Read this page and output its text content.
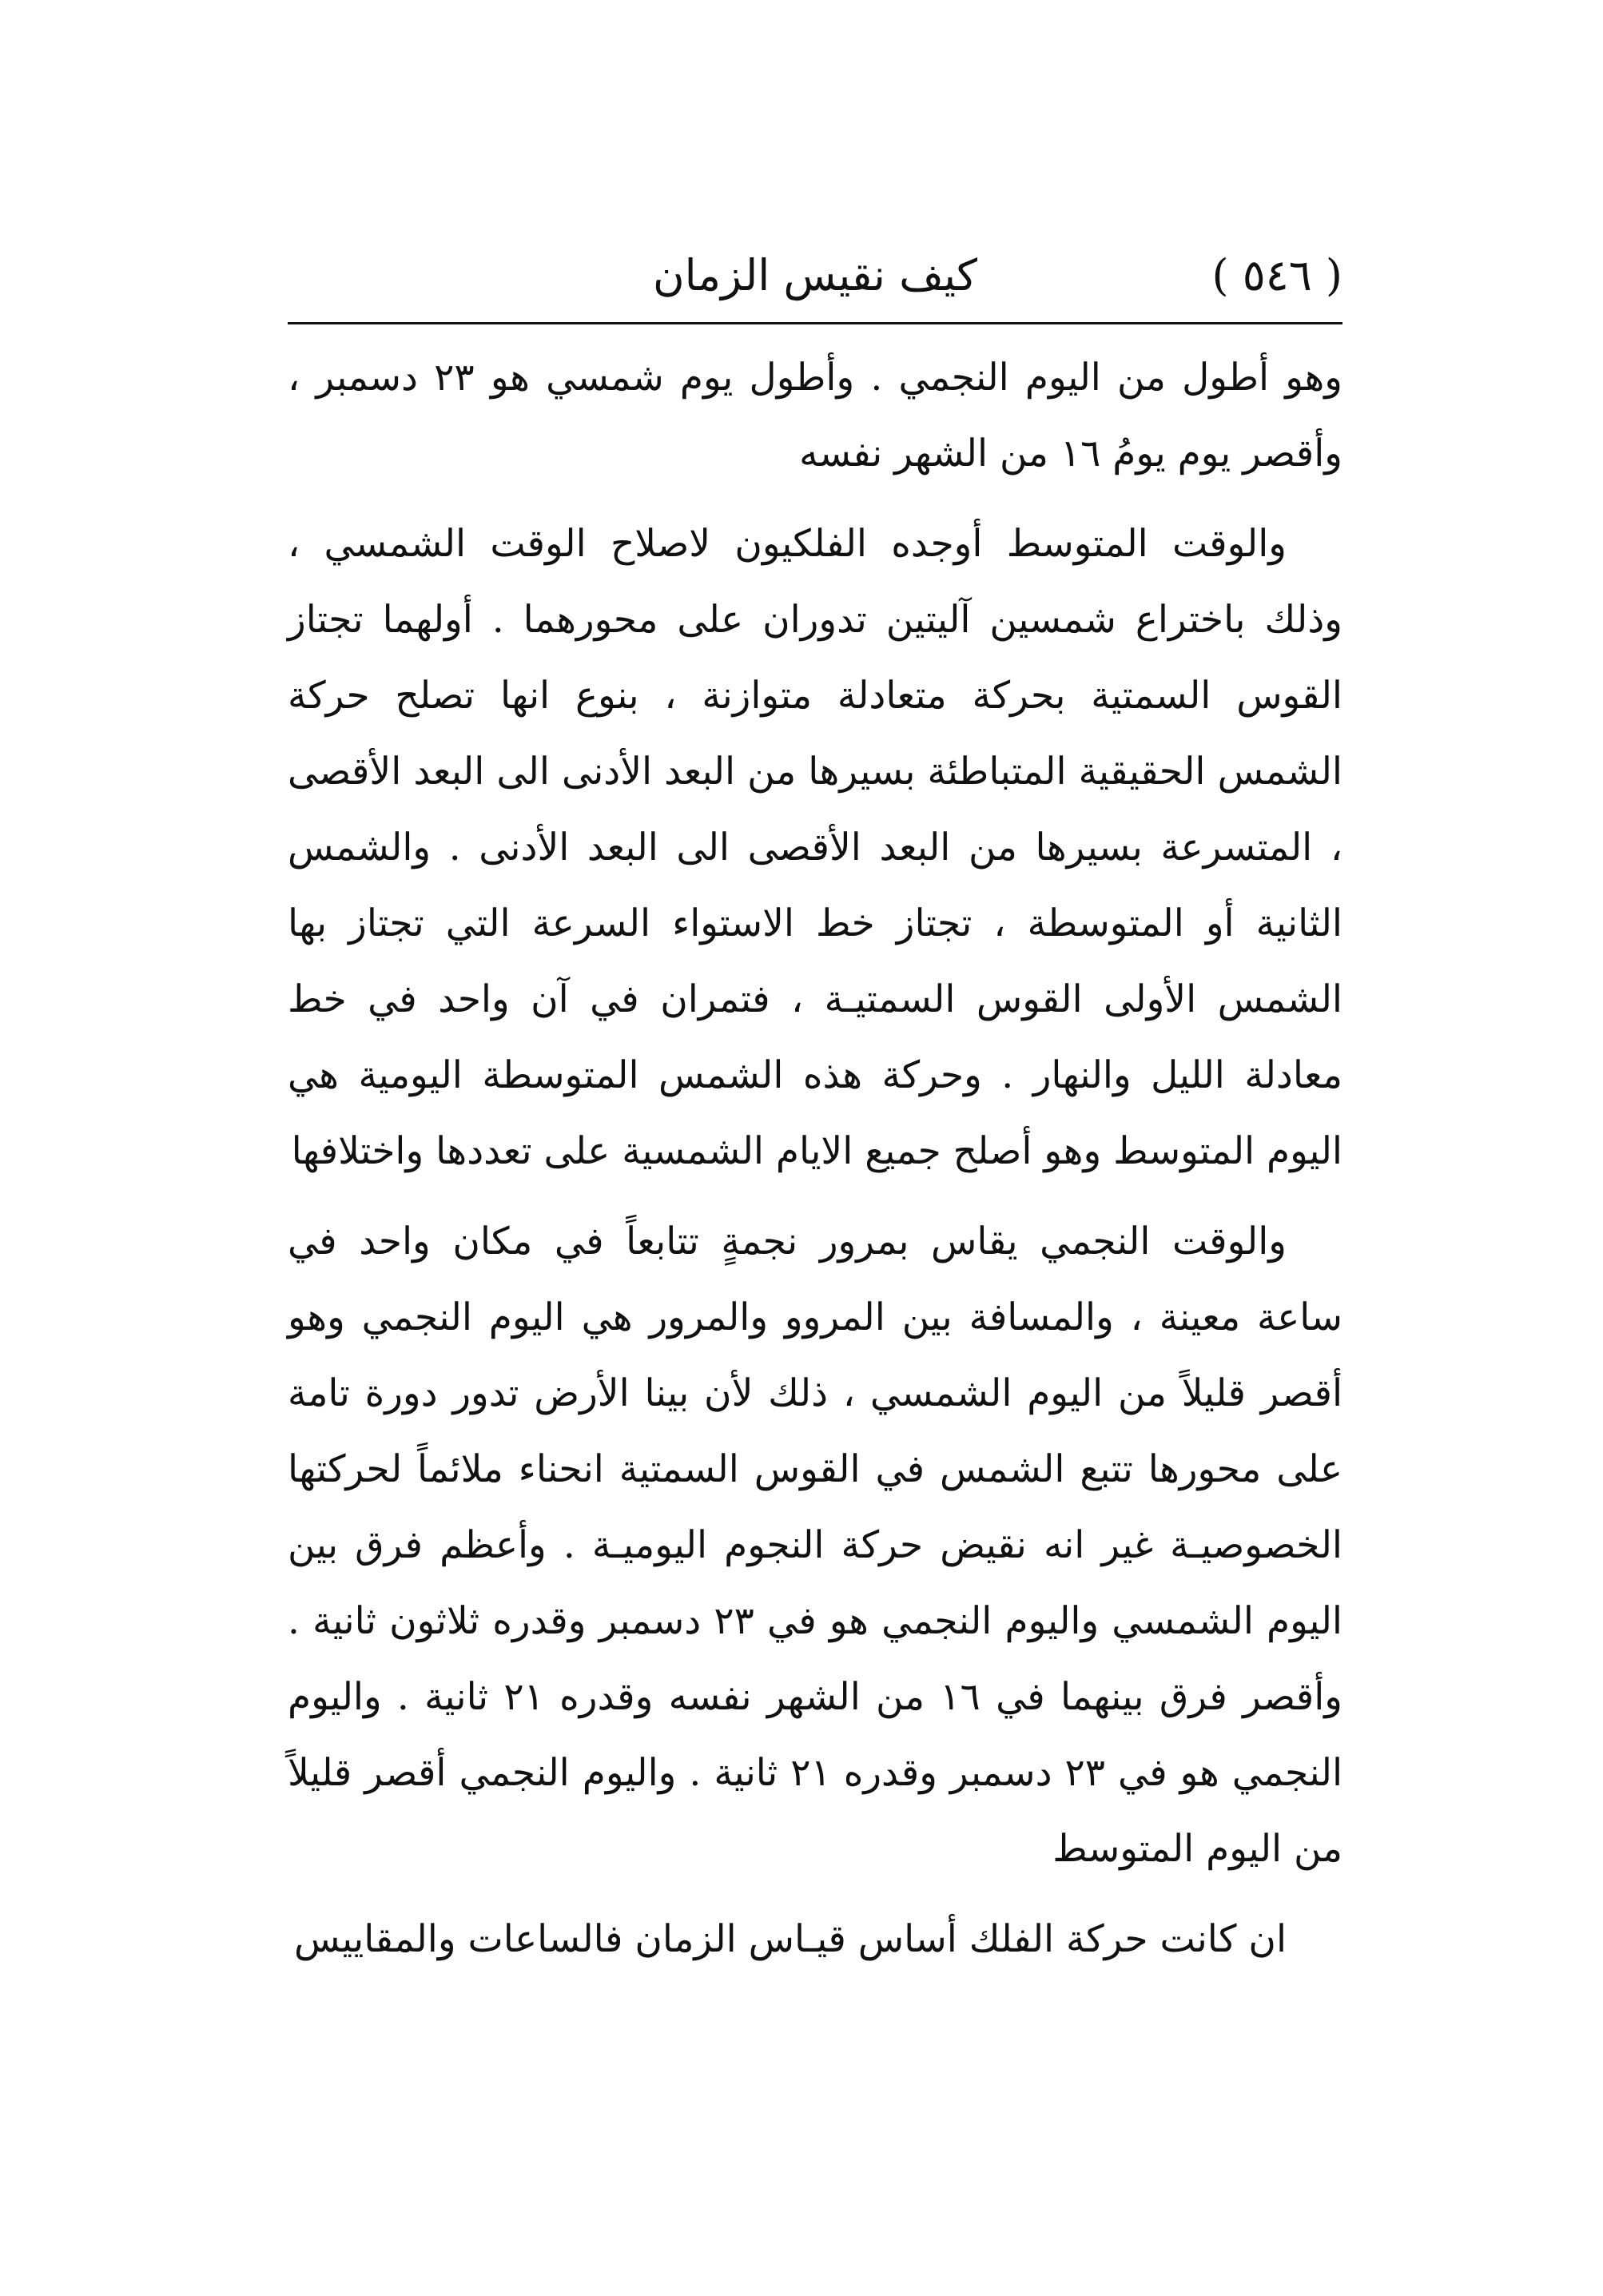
( ٥٤٦ )
كيف نقيس الزمان

وهو أطول من اليوم النجمي . وأطول يوم شمسي هو ٢٣ دسمبر ، وأقصر يوم يومُ ١٦ من الشهر نفسه

والوقت المتوسط أوجده الفلكيون لاصلاح الوقت الشمسي ، وذلك باختراع شمسين آليتين تدوران على محورهما . أولهما تجتاز القوس السمتية بحركة متعادلة متوازنة ، بنوع انها تصلح حركة الشمس الحقيقية المتباطئة بسيرها من البعد الأدنى الى البعد الأقصى ، المتسرعة بسيرها من البعد الأقصى الى البعد الأدنى . والشمس الثانية أو المتوسطة ، تجتاز خط الاستواء السرعة التي تجتاز بها الشمس الأولى القوس السمتيـة ، فتمران في آن واحد في خط معادلة الليل والنهار . وحركة هذه الشمس المتوسطة اليومية هي اليوم المتوسط وهو أصلح جميع الايام الشمسية على تعددها واختلافها

والوقت النجمي يقاس بمرور نجمةٍ تتابعاً في مكان واحد في ساعة معينة ، والمسافة بين المروو والمرور هي اليوم النجمي وهو أقصر قليلاً من اليوم الشمسي ، ذلك لأن بينا الأرض تدور دورة تامة على محورها تتبع الشمس في القوس السمتية انحناء ملائماً لحركتها الخصوصيـة غير انه نقيض حركة النجوم اليوميـة . وأعظم فرق بين اليوم الشمسي واليوم النجمي هو في ٢٣ دسمبر وقدره ثلاثون ثانية . وأقصر فرق بينهما في ١٦ من الشهر نفسه وقدره ٢١ ثانية . واليوم النجمي هو في ٢٣ دسمبر وقدره ٢١ ثانية . واليوم النجمي أقصر قليلاً من اليوم المتوسط

ان كانت حركة الفلك أساس قيـاس الزمان فالساعات والمقاييس
